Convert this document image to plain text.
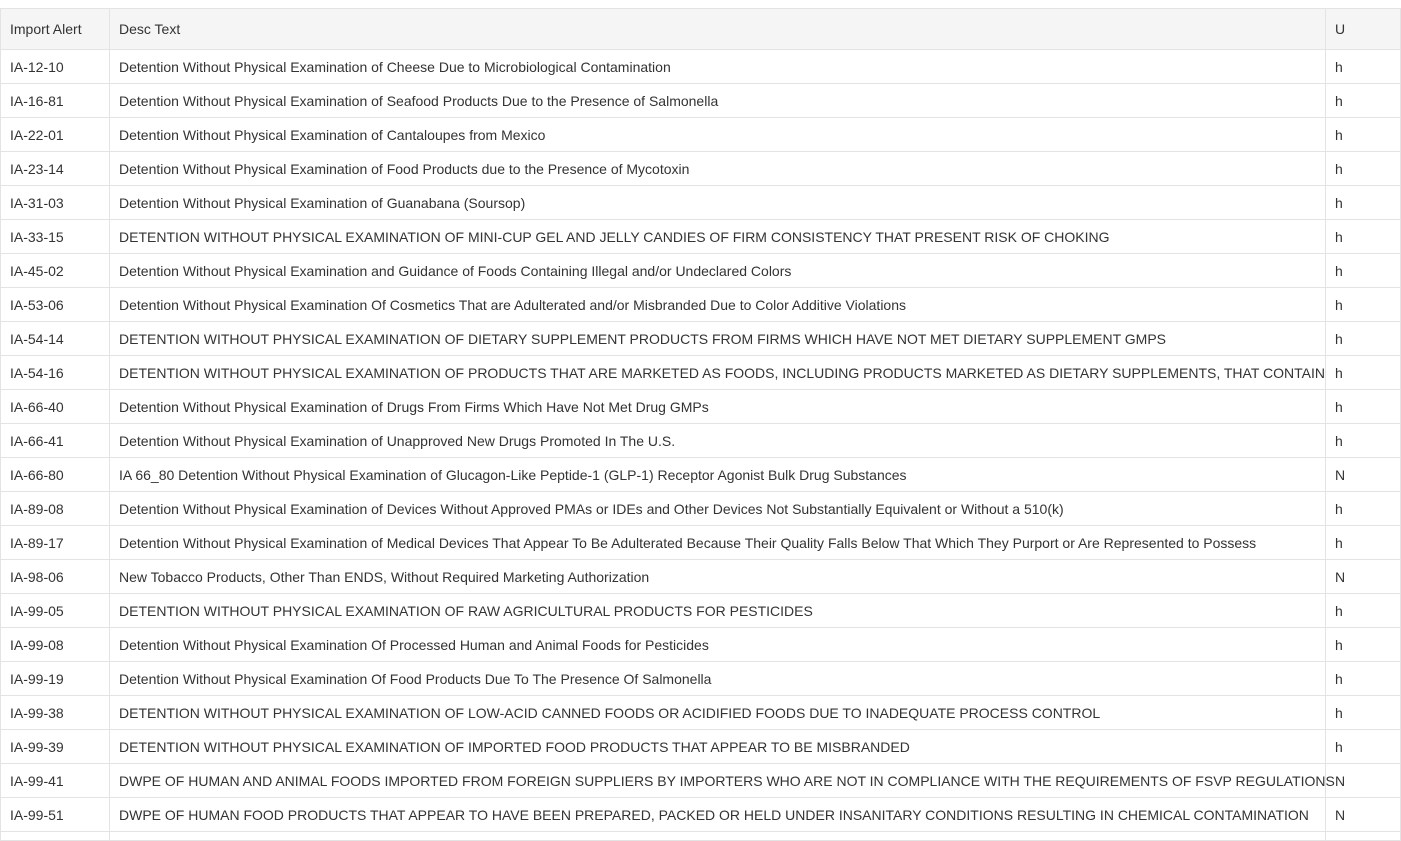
Import Alert	Desc Text	U
IA-12-10	Detention Without Physical Examination of Cheese Due to Microbiological Contamination	h
IA-16-81	Detention Without Physical Examination of Seafood Products Due to the Presence of Salmonella	h
IA-22-01	Detention Without Physical Examination of Cantaloupes from Mexico	h
IA-23-14	Detention Without Physical Examination of Food Products due to the Presence of Mycotoxin	h
IA-31-03	Detention Without Physical Examination of Guanabana (Soursop)	h
IA-33-15	DETENTION WITHOUT PHYSICAL EXAMINATION OF MINI-CUP GEL AND JELLY CANDIES OF FIRM CONSISTENCY THAT PRESENT RISK OF CHOKING	h
IA-45-02	Detention Without Physical Examination and Guidance of Foods Containing Illegal and/or Undeclared Colors	h
IA-53-06	Detention Without Physical Examination Of Cosmetics That are Adulterated and/or Misbranded Due to Color Additive Violations	h
IA-54-14	DETENTION WITHOUT PHYSICAL EXAMINATION OF DIETARY SUPPLEMENT PRODUCTS FROM FIRMS WHICH HAVE NOT MET DIETARY SUPPLEMENT GMPS	h
IA-54-16	DETENTION WITHOUT PHYSICAL EXAMINATION OF PRODUCTS THAT ARE MARKETED AS FOODS, INCLUDING PRODUCTS MARKETED AS DIETARY SUPPLEMENTS, THAT CONTAIN	h
IA-66-40	Detention Without Physical Examination of Drugs From Firms Which Have Not Met Drug GMPs	h
IA-66-41	Detention Without Physical Examination of Unapproved New Drugs Promoted In The U.S.	h
IA-66-80	IA 66_80 Detention Without Physical Examination of Glucagon-Like Peptide-1 (GLP-1) Receptor Agonist Bulk Drug Substances	N
IA-89-08	Detention Without Physical Examination of Devices Without Approved PMAs or IDEs and Other Devices Not Substantially Equivalent or Without a 510(k)	h
IA-89-17	Detention Without Physical Examination of Medical Devices That Appear To Be Adulterated Because Their Quality Falls Below That Which They Purport or Are Represented to Possess	h
IA-98-06	New Tobacco Products, Other Than ENDS, Without Required Marketing Authorization	N
IA-99-05	DETENTION WITHOUT PHYSICAL EXAMINATION OF RAW AGRICULTURAL PRODUCTS FOR PESTICIDES	h
IA-99-08	Detention Without Physical Examination Of Processed Human and Animal Foods for Pesticides	h
IA-99-19	Detention Without Physical Examination Of Food Products Due To The Presence Of Salmonella	h
IA-99-38	DETENTION WITHOUT PHYSICAL EXAMINATION OF LOW-ACID CANNED FOODS OR ACIDIFIED FOODS DUE TO INADEQUATE PROCESS CONTROL	h
IA-99-39	DETENTION WITHOUT PHYSICAL EXAMINATION OF IMPORTED FOOD PRODUCTS THAT APPEAR TO BE MISBRANDED	h
IA-99-41	DWPE OF HUMAN AND ANIMAL FOODS IMPORTED FROM FOREIGN SUPPLIERS BY IMPORTERS WHO ARE NOT IN COMPLIANCE WITH THE REQUIREMENTS OF FSVP REGULATIONS	N
IA-99-51	DWPE OF HUMAN FOOD PRODUCTS THAT APPEAR TO HAVE BEEN PREPARED, PACKED OR HELD UNDER INSANITARY CONDITIONS RESULTING IN CHEMICAL CONTAMINATION	N
